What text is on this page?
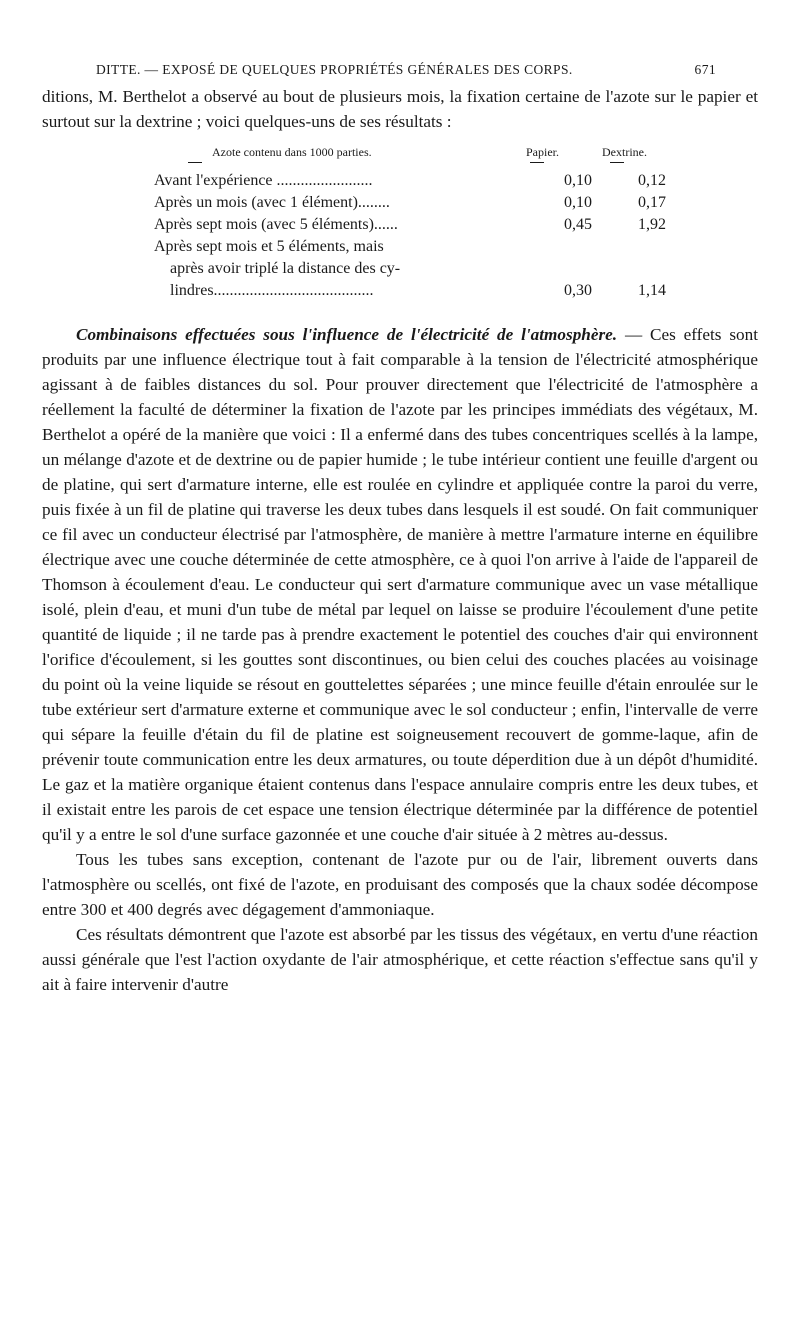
DITTE. — EXPOSÉ DE QUELQUES PROPRIÉTÉS GÉNÉRALES DES CORPS.	671

ditions, M. Berthelot a observé au bout de plusieurs mois, la fixation certaine de l'azote sur le papier et surtout sur la dextrine ; voici quelques-uns de ses résultats :

Azote contenu dans 1000 parties.	Papier.	Dextrine.
Avant l'expérience ........................	0,10	0,12
Après un mois (avec 1 élément)........	0,10	0,17
Après sept mois (avec 5 éléments)......	0,45	1,92
Après sept mois et 5 éléments, mais
après avoir triplé la distance des cy-
lindres........................................	0,30	1,14

Combinaisons effectuées sous l'influence de l'électricité de l'atmosphère. — Ces effets sont produits par une influence électrique tout à fait comparable à la tension de l'électricité atmosphérique agissant à de faibles distances du sol. Pour prouver directement que l'électricité de l'atmosphère a réellement la faculté de déterminer la fixation de l'azote par les principes immédiats des végétaux, M. Berthelot a opéré de la manière que voici : Il a enfermé dans des tubes concentriques scellés à la lampe, un mélange d'azote et de dextrine ou de papier humide ; le tube intérieur contient une feuille d'argent ou de platine, qui sert d'armature interne, elle est roulée en cylindre et appliquée contre la paroi du verre, puis fixée à un fil de platine qui traverse les deux tubes dans lesquels il est soudé. On fait communiquer ce fil avec un conducteur électrisé par l'atmosphère, de manière à mettre l'armature interne en équilibre électrique avec une couche déterminée de cette atmosphère, ce à quoi l'on arrive à l'aide de l'appareil de Thomson à écoulement d'eau. Le conducteur qui sert d'armature communique avec un vase métallique isolé, plein d'eau, et muni d'un tube de métal par lequel on laisse se produire l'écoulement d'une petite quantité de liquide ; il ne tarde pas à prendre exactement le potentiel des couches d'air qui environnent l'orifice d'écoulement, si les gouttes sont discontinues, ou bien celui des couches placées au voisinage du point où la veine liquide se résout en gouttelettes séparées ; une mince feuille d'étain enroulée sur le tube extérieur sert d'armature externe et communique avec le sol conducteur ; enfin, l'intervalle de verre qui sépare la feuille d'étain du fil de platine est soigneusement recouvert de gomme-laque, afin de prévenir toute communication entre les deux armatures, ou toute déperdition due à un dépôt d'humidité. Le gaz et la matière organique étaient contenus dans l'espace annulaire compris entre les deux tubes, et il existait entre les parois de cet espace une tension électrique déterminée par la différence de potentiel qu'il y a entre le sol d'une surface gazonnée et une couche d'air située à 2 mètres au-dessus.

Tous les tubes sans exception, contenant de l'azote pur ou de l'air, librement ouverts dans l'atmosphère ou scellés, ont fixé de l'azote, en produisant des composés que la chaux sodée décompose entre 300 et 400 degrés avec dégagement d'ammoniaque.

Ces résultats démontrent que l'azote est absorbé par les tissus des végétaux, en vertu d'une réaction aussi générale que l'est l'action oxydante de l'air atmosphérique, et cette réaction s'effectue sans qu'il y ait à faire intervenir d'autre
